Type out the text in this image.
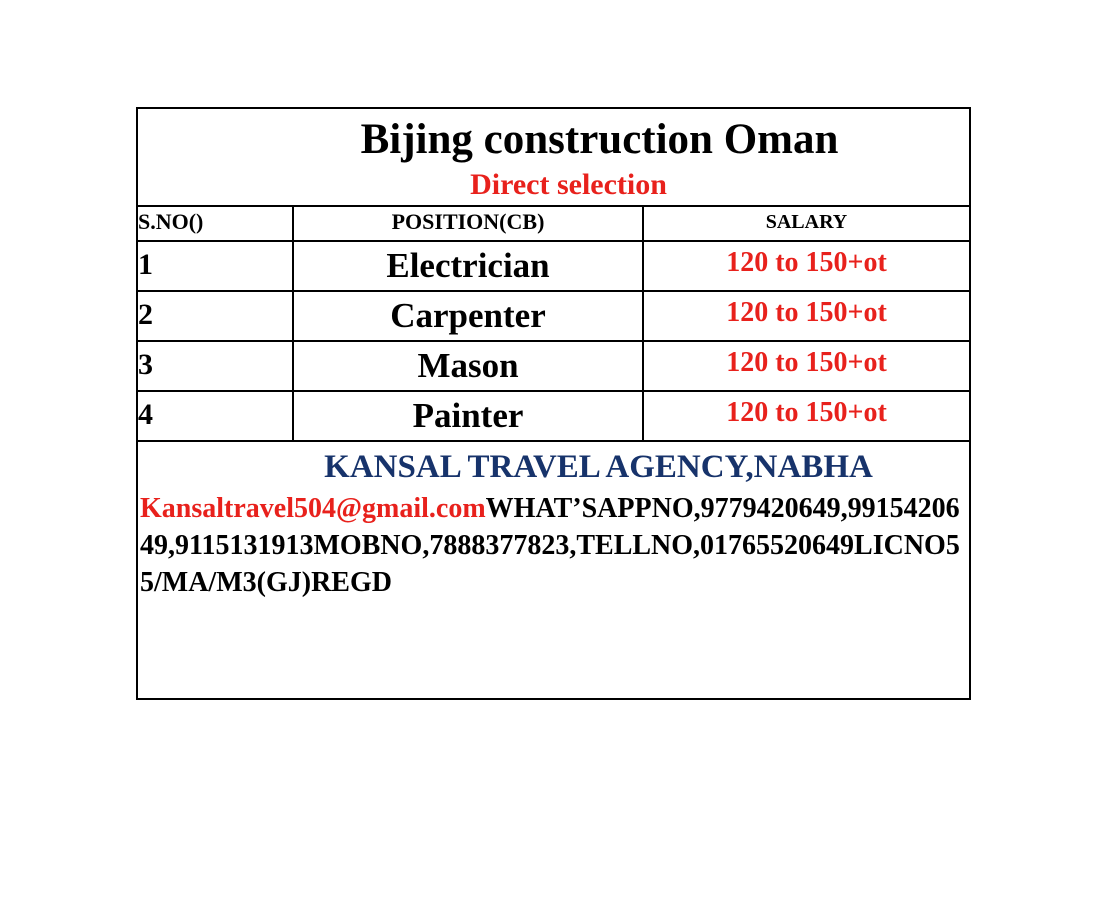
Bijing construction Oman
Direct selection
S.NO()	POSITION(CB)	SALARY
1	Electrician	120 to 150+ot
2	Carpenter	120 to 150+ot
3	Mason	120 to 150+ot
4	Painter	120 to 150+ot
KANSAL TRAVEL AGENCY,NABHA

Kansaltravel504@gmail.comWHAT’SAPPNO,9779420649,9915420649,9115131913MOBNO,7888377823,TELLNO,01765520649LICNO55/MA/M3(GJ)REGD
